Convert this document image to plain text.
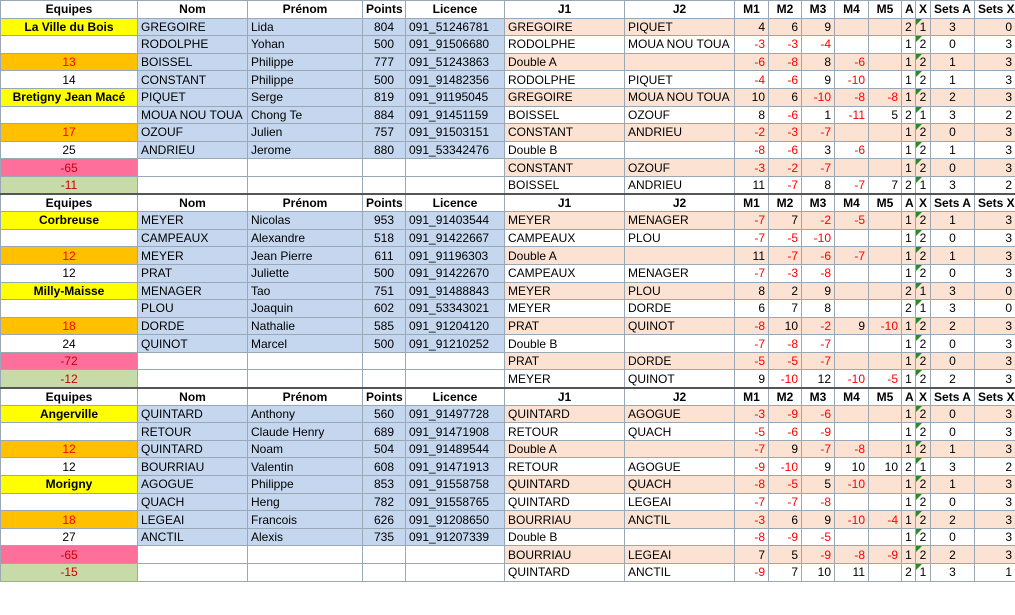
Equipes	Nom	Prénom	Points	Licence	J1	J2	M1	M2	M3	M4	M5	A	X	Sets A	Sets X
La Ville du Bois	GREGOIRE	Lida	804	091_51246781	GREGOIRE	PIQUET	4	6	9			2	1	3	0
	RODOLPHE	Yohan	500	091_91506680	RODOLPHE	MOUA NOU TOUA	-3	-3	-4			1	2	0	3
13	BOISSEL	Philippe	777	091_51243863	Double A		-6	-8	8	-6		1	2	1	3
14	CONSTANT	Philippe	500	091_91482356	RODOLPHE	PIQUET	-4	-6	9	-10		1	2	1	3
Bretigny Jean Macé	PIQUET	Serge	819	091_91195045	GREGOIRE	MOUA NOU TOUA	10	6	-10	-8	-8	1	2	2	3
	MOUA NOU TOUA	Chong Te	884	091_91451159	BOISSEL	OZOUF	8	-6	1	-11	5	2	1	3	2
17	OZOUF	Julien	757	091_91503151	CONSTANT	ANDRIEU	-2	-3	-7			1	2	0	3
25	ANDRIEU	Jerome	880	091_53342476	Double B		-8	-6	3	-6		1	2	1	3
-65					CONSTANT	OZOUF	-3	-2	-7			1	2	0	3
-11					BOISSEL	ANDRIEU	11	-7	8	-7	7	2	1	3	2
Equipes	Nom	Prénom	Points	Licence	J1	J2	M1	M2	M3	M4	M5	A	X	Sets A	Sets X
Corbreuse	MEYER	Nicolas	953	091_91403544	MEYER	MENAGER	-7	7	-2	-5		1	2	1	3
	CAMPEAUX	Alexandre	518	091_91422667	CAMPEAUX	PLOU	-7	-5	-10			1	2	0	3
12	MEYER	Jean Pierre	611	091_91196303	Double A		11	-7	-6	-7		1	2	1	3
12	PRAT	Juliette	500	091_91422670	CAMPEAUX	MENAGER	-7	-3	-8			1	2	0	3
Milly-Maisse	MENAGER	Tao	751	091_91488843	MEYER	PLOU	8	2	9			2	1	3	0
	PLOU	Joaquin	602	091_53343021	MEYER	DORDE	6	7	8			2	1	3	0
18	DORDE	Nathalie	585	091_91204120	PRAT	QUINOT	-8	10	-2	9	-10	1	2	2	3
24	QUINOT	Marcel	500	091_91210252	Double B		-7	-8	-7			1	2	0	3
-72					PRAT	DORDE	-5	-5	-7			1	2	0	3
-12					MEYER	QUINOT	9	-10	12	-10	-5	1	2	2	3
Equipes	Nom	Prénom	Points	Licence	J1	J2	M1	M2	M3	M4	M5	A	X	Sets A	Sets X
Angerville	QUINTARD	Anthony	560	091_91497728	QUINTARD	AGOGUE	-3	-9	-6			1	2	0	3
	RETOUR	Claude Henry	689	091_91471908	RETOUR	QUACH	-5	-6	-9			1	2	0	3
12	QUINTARD	Noam	504	091_91489544	Double A		-7	9	-7	-8		1	2	1	3
12	BOURRIAU	Valentin	608	091_91471913	RETOUR	AGOGUE	-9	-10	9	10	10	2	1	3	2
Morigny	AGOGUE	Philippe	853	091_91558758	QUINTARD	QUACH	-8	-5	5	-10		1	2	1	3
	QUACH	Heng	782	091_91558765	QUINTARD	LEGEAI	-7	-7	-8			1	2	0	3
18	LEGEAI	Francois	626	091_91208650	BOURRIAU	ANCTIL	-3	6	9	-10	-4	1	2	2	3
27	ANCTIL	Alexis	735	091_91207339	Double B		-8	-9	-5			1	2	0	3
-65					BOURRIAU	LEGEAI	7	5	-9	-8	-9	1	2	2	3
-15					QUINTARD	ANCTIL	-9	7	10	11		2	1	3	1
